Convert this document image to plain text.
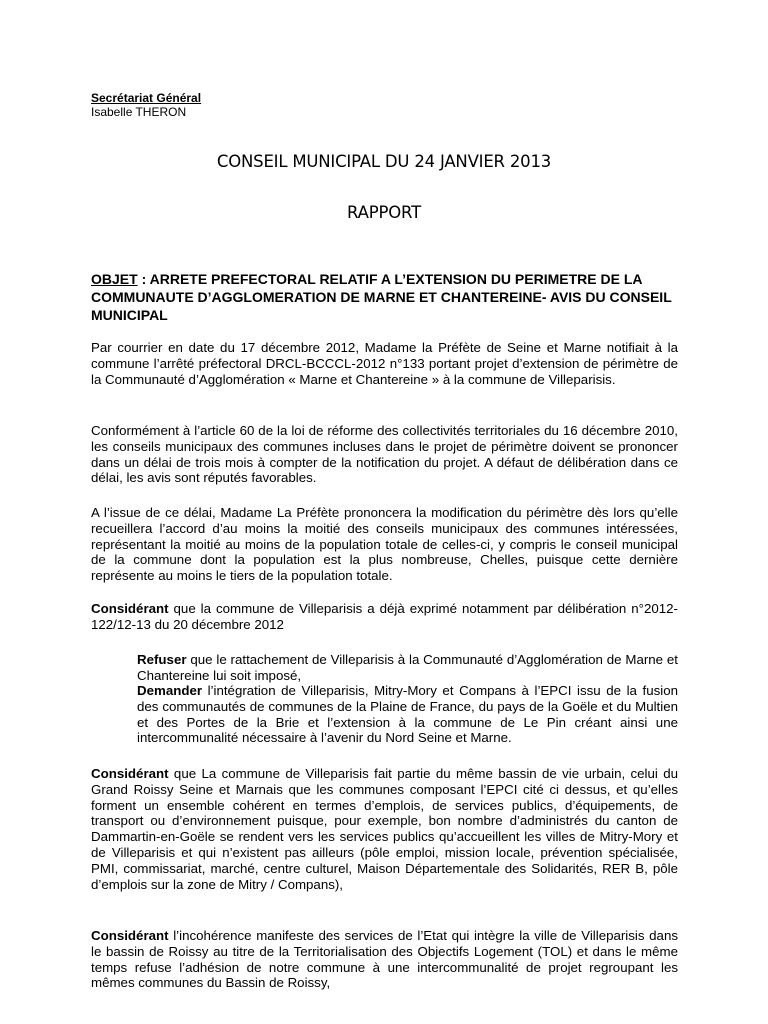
Secrétariat Général
Isabelle THERON
CONSEIL MUNICIPAL DU 24 JANVIER 2013
RAPPORT
OBJET : ARRETE PREFECTORAL RELATIF A L’EXTENSION DU PERIMETRE DE LA COMMUNAUTE D’AGGLOMERATION DE MARNE ET CHANTEREINE- AVIS DU CONSEIL MUNICIPAL

Par courrier en date du 17 décembre 2012, Madame la Préfète de Seine et Marne notifiait à la commune l’arrêté préfectoral DRCL-BCCCL-2012 n°133 portant projet d’extension de périmètre de la Communauté d’Agglomération « Marne et Chantereine » à la commune de Villeparisis.

Conformément à l’article 60 de la loi de réforme des collectivités territoriales du 16 décembre 2010, les conseils municipaux des communes incluses dans le projet de périmètre doivent se prononcer dans un délai de trois mois à compter de la notification du projet. A défaut de délibération dans ce délai, les avis sont réputés favorables.

A l’issue de ce délai, Madame La Préfète prononcera la modification du périmètre dès lors qu’elle recueillera l’accord d’au moins la moitié des conseils municipaux des communes intéressées, représentant la moitié au moins de la population totale de celles-ci, y compris le conseil municipal de la commune dont la population est la plus nombreuse, Chelles, puisque cette dernière représente au moins le tiers de la population totale.

Considérant que la commune de Villeparisis a déjà exprimé notamment par délibération n°2012-122/12-13 du 20 décembre 2012

Refuser que le rattachement de Villeparisis à la Communauté d’Agglomération de Marne et Chantereine lui soit imposé,

Demander l’intégration de Villeparisis, Mitry-Mory et Compans à l’EPCI issu de la fusion des communautés de communes de la Plaine de France, du pays de la Goële et du Multien et des Portes de la Brie et l’extension à la commune de Le Pin créant ainsi une intercommunalité nécessaire à l’avenir du Nord Seine et Marne.

Considérant que La commune de Villeparisis fait partie du même bassin de vie urbain, celui du Grand Roissy Seine et Marnais que les communes composant l’EPCI cité ci dessus, et qu’elles forment un ensemble cohérent en termes d’emplois, de services publics, d’équipements, de transport ou d’environnement puisque, pour exemple, bon nombre d’administrés du canton de Dammartin-en-Goële se rendent vers les services publics qu’accueillent les villes de Mitry-Mory et de Villeparisis et qui n’existent pas ailleurs (pôle emploi, mission locale, prévention spécialisée, PMI, commissariat, marché, centre culturel, Maison Départementale des Solidarités, RER B, pôle d’emplois sur la zone de Mitry / Compans),

Considérant l’incohérence manifeste des services de l’Etat qui intègre la ville de Villeparisis dans le bassin de Roissy au titre de la Territorialisation des Objectifs Logement (TOL) et dans le même temps refuse l’adhésion de notre commune à une intercommunalité de projet regroupant les mêmes communes du Bassin de Roissy,
